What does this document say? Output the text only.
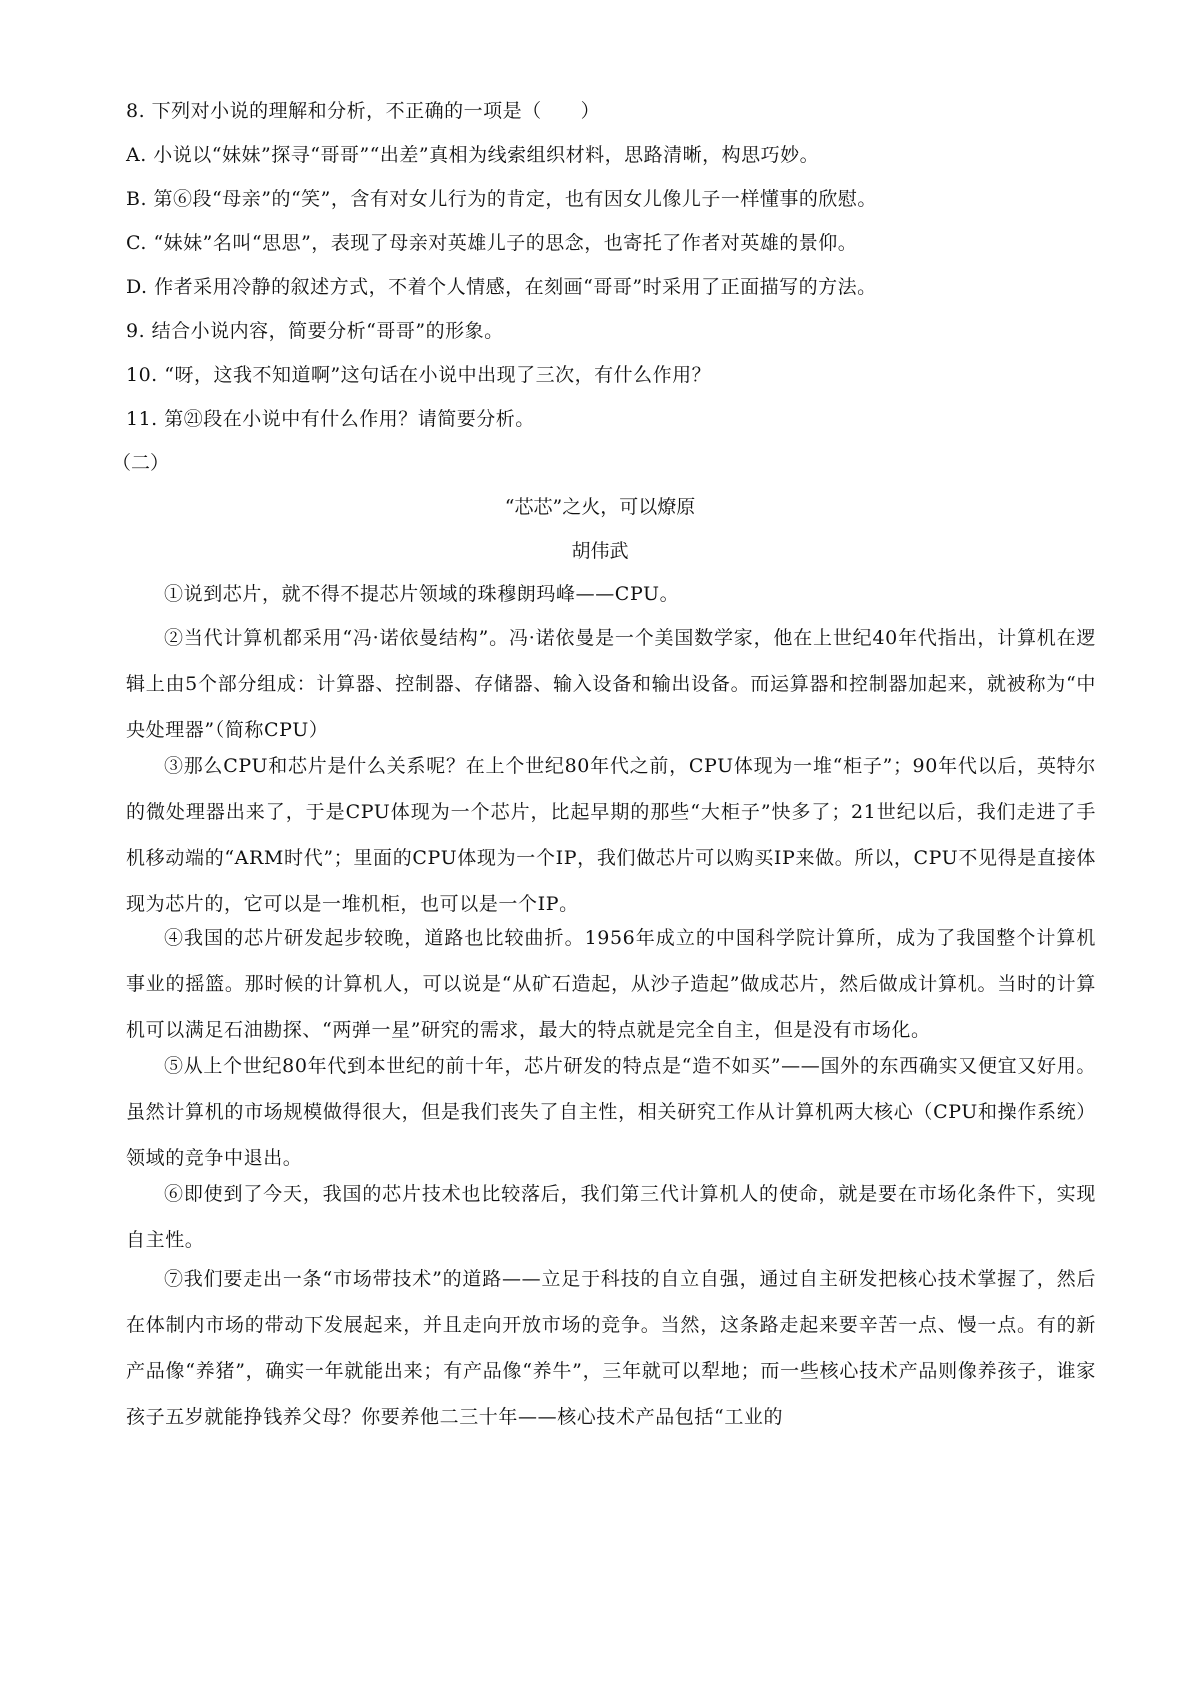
8. 下列对小说的理解和分析，不正确的一项是（　　）
A. 小说以“妹妹”探寻“哥哥”“出差”真相为线索组织材料，思路清晰，构思巧妙。
B. 第⑥段“母亲”的“笑”，含有对女儿行为的肯定，也有因女儿像儿子一样懂事的欣慰。
C. “妹妹”名叫“思思”，表现了母亲对英雄儿子的思念，也寄托了作者对英雄的景仰。
D. 作者采用冷静的叙述方式，不着个人情感，在刻画“哥哥”时采用了正面描写的方法。
9. 结合小说内容，简要分析“哥哥”的形象。
10. “呀，这我不知道啊”这句话在小说中出现了三次，有什么作用？
11. 第㉑段在小说中有什么作用？请简要分析。
（二）
“芯芯”之火，可以燎原
胡伟武
①说到芯片，就不得不提芯片领域的珠穆朗玛峰——CPU。
②当代计算机都采用“冯·诺依曼结构”。冯·诺依曼是一个美国数学家，他在上世纪40年代指出，计算机在逻辑上由5个部分组成：计算器、控制器、存储器、输入设备和输出设备。而运算器和控制器加起来，就被称为“中央处理器”（简称CPU）
③那么CPU和芯片是什么关系呢？在上个世纪80年代之前，CPU体现为一堆“柜子”；90年代以后，英特尔的微处理器出来了，于是CPU体现为一个芯片，比起早期的那些“大柜子”快多了；21世纪以后，我们走进了手机移动端的“ARM时代”；里面的CPU体现为一个IP，我们做芯片可以购买IP来做。所以，CPU不见得是直接体现为芯片的，它可以是一堆机柜，也可以是一个IP。
④我国的芯片研发起步较晚，道路也比较曲折。1956年成立的中国科学院计算所，成为了我国整个计算机事业的摇篮。那时候的计算机人，可以说是“从矿石造起，从沙子造起”做成芯片，然后做成计算机。当时的计算机可以满足石油勘探、“两弹一星”研究的需求，最大的特点就是完全自主，但是没有市场化。
⑤从上个世纪80年代到本世纪的前十年，芯片研发的特点是“造不如买”——国外的东西确实又便宜又好用。虽然计算机的市场规模做得很大，但是我们丧失了自主性，相关研究工作从计算机两大核心（CPU和操作系统）领域的竞争中退出。
⑥即使到了今天，我国的芯片技术也比较落后，我们第三代计算机人的使命，就是要在市场化条件下，实现自主性。
⑦我们要走出一条“市场带技术”的道路——立足于科技的自立自强，通过自主研发把核心技术掌握了，然后在体制内市场的带动下发展起来，并且走向开放市场的竞争。当然，这条路走起来要辛苦一点、慢一点。有的新产品像“养猪”，确实一年就能出来；有产品像“养牛”，三年就可以犁地；而一些核心技术产品则像养孩子，谁家孩子五岁就能挣钱养父母？你要养他二三十年——核心技术产品包括“工业的
